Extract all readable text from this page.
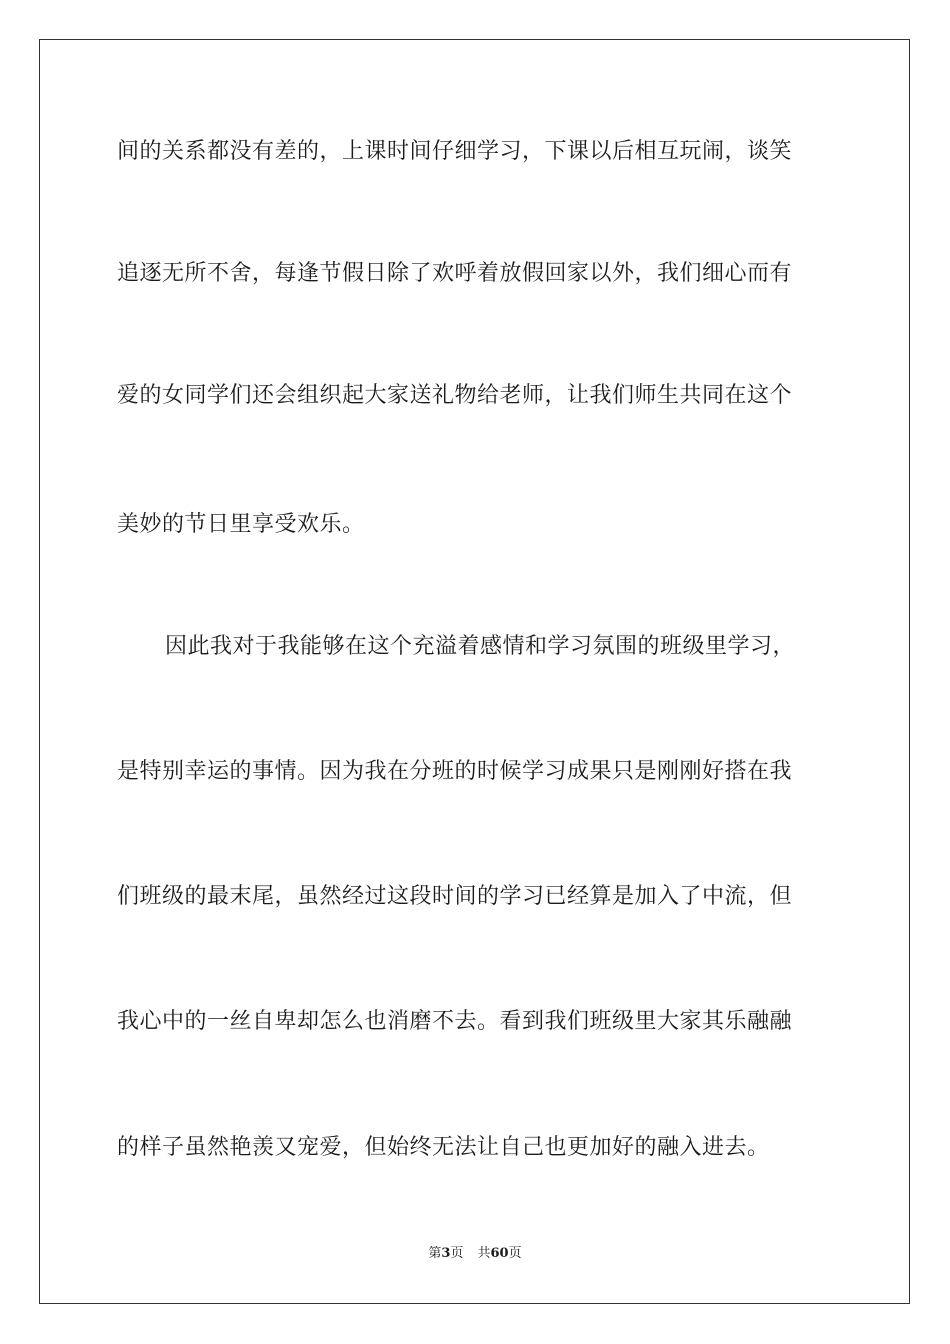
间的关系都没有差的，上课时间仔细学习，下课以后相互玩闹，谈笑
追逐无所不舍，每逢节假日除了欢呼着放假回家以外，我们细心而有
爱的女同学们还会组织起大家送礼物给老师，让我们师生共同在这个
美妙的节日里享受欢乐。
因此我对于我能够在这个充溢着感情和学习氛围的班级里学习，
是特别幸运的事情。因为我在分班的时候学习成果只是刚刚好搭在我
们班级的最末尾，虽然经过这段时间的学习已经算是加入了中流，但
我心中的一丝自卑却怎么也消磨不去。看到我们班级里大家其乐融融
的样子虽然艳羡又宠爱，但始终无法让自己也更加好的融入进去。
第3页 共60页
